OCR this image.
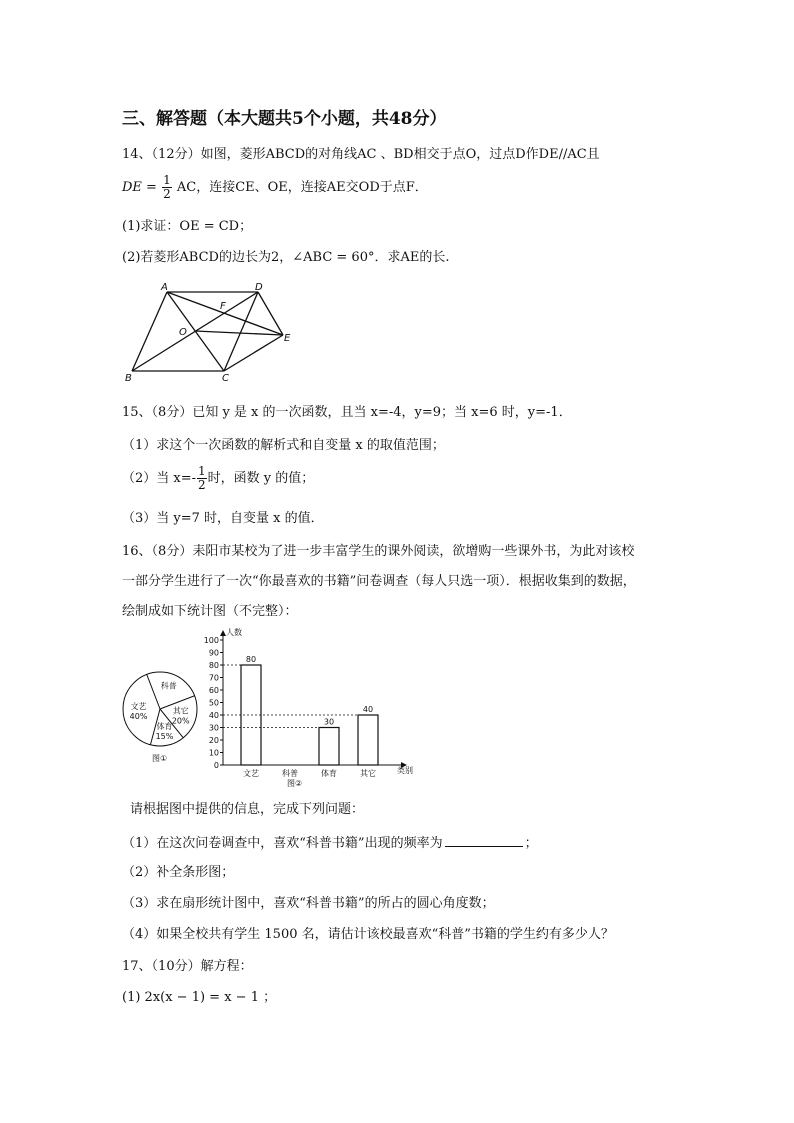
三、解答题（本大题共5个小题，共48分）
14、（12分）如图，菱形ABCD的对角线AC 、BD相交于点O，过点D作DE//AC且
DE = $\frac{1}{2}$ AC，连接CE、OE，连接AE交OD于点F．
(1)求证：OE = CD；
(2)若菱形ABCD的边长为2，∠ABC = 60°．求AE的长.
A	D
F
O
E
B	C
15、（8分）已知 y 是 x 的一次函数，且当 x=-4，y=9；当 x=6 时，y=-1．
（1）求这个一次函数的解析式和自变量 x 的取值范围；
（2）当 $x=- \frac{1}{2}$ 时，函数 y 的值；
（3）当 y=7 时，自变量 x 的值．
16、（8分）耒阳市某校为了进一步丰富学生的课外阅读，欲增购一些课外书，为此对该校
一部分学生进行了一次“你最喜欢的书籍”问卷调查（每人只选一项）．根据收集到的数据，
绘制成如下统计图（不完整）：
文艺
40%
科普
其它
20%
体育
15%
图①
0
10
20
30
40
50
60
70
80
90
100
80
30
40
文艺	科普	体育	其它
人数
类别
图②
请根据图中提供的信息，完成下列问题：
（1）在这次问卷调查中，喜欢“科普书籍”出现的频率为	；
（2）补全条形图；
（3）求在扇形统计图中，喜欢“科普书籍”的所占的圆心角度数；
（4）如果全校共有学生 1500 名，请估计该校最喜欢“科普”书籍的学生约有多少人？
17、（10分）解方程：
(1) 2x(x − 1) = x − 1 ；
